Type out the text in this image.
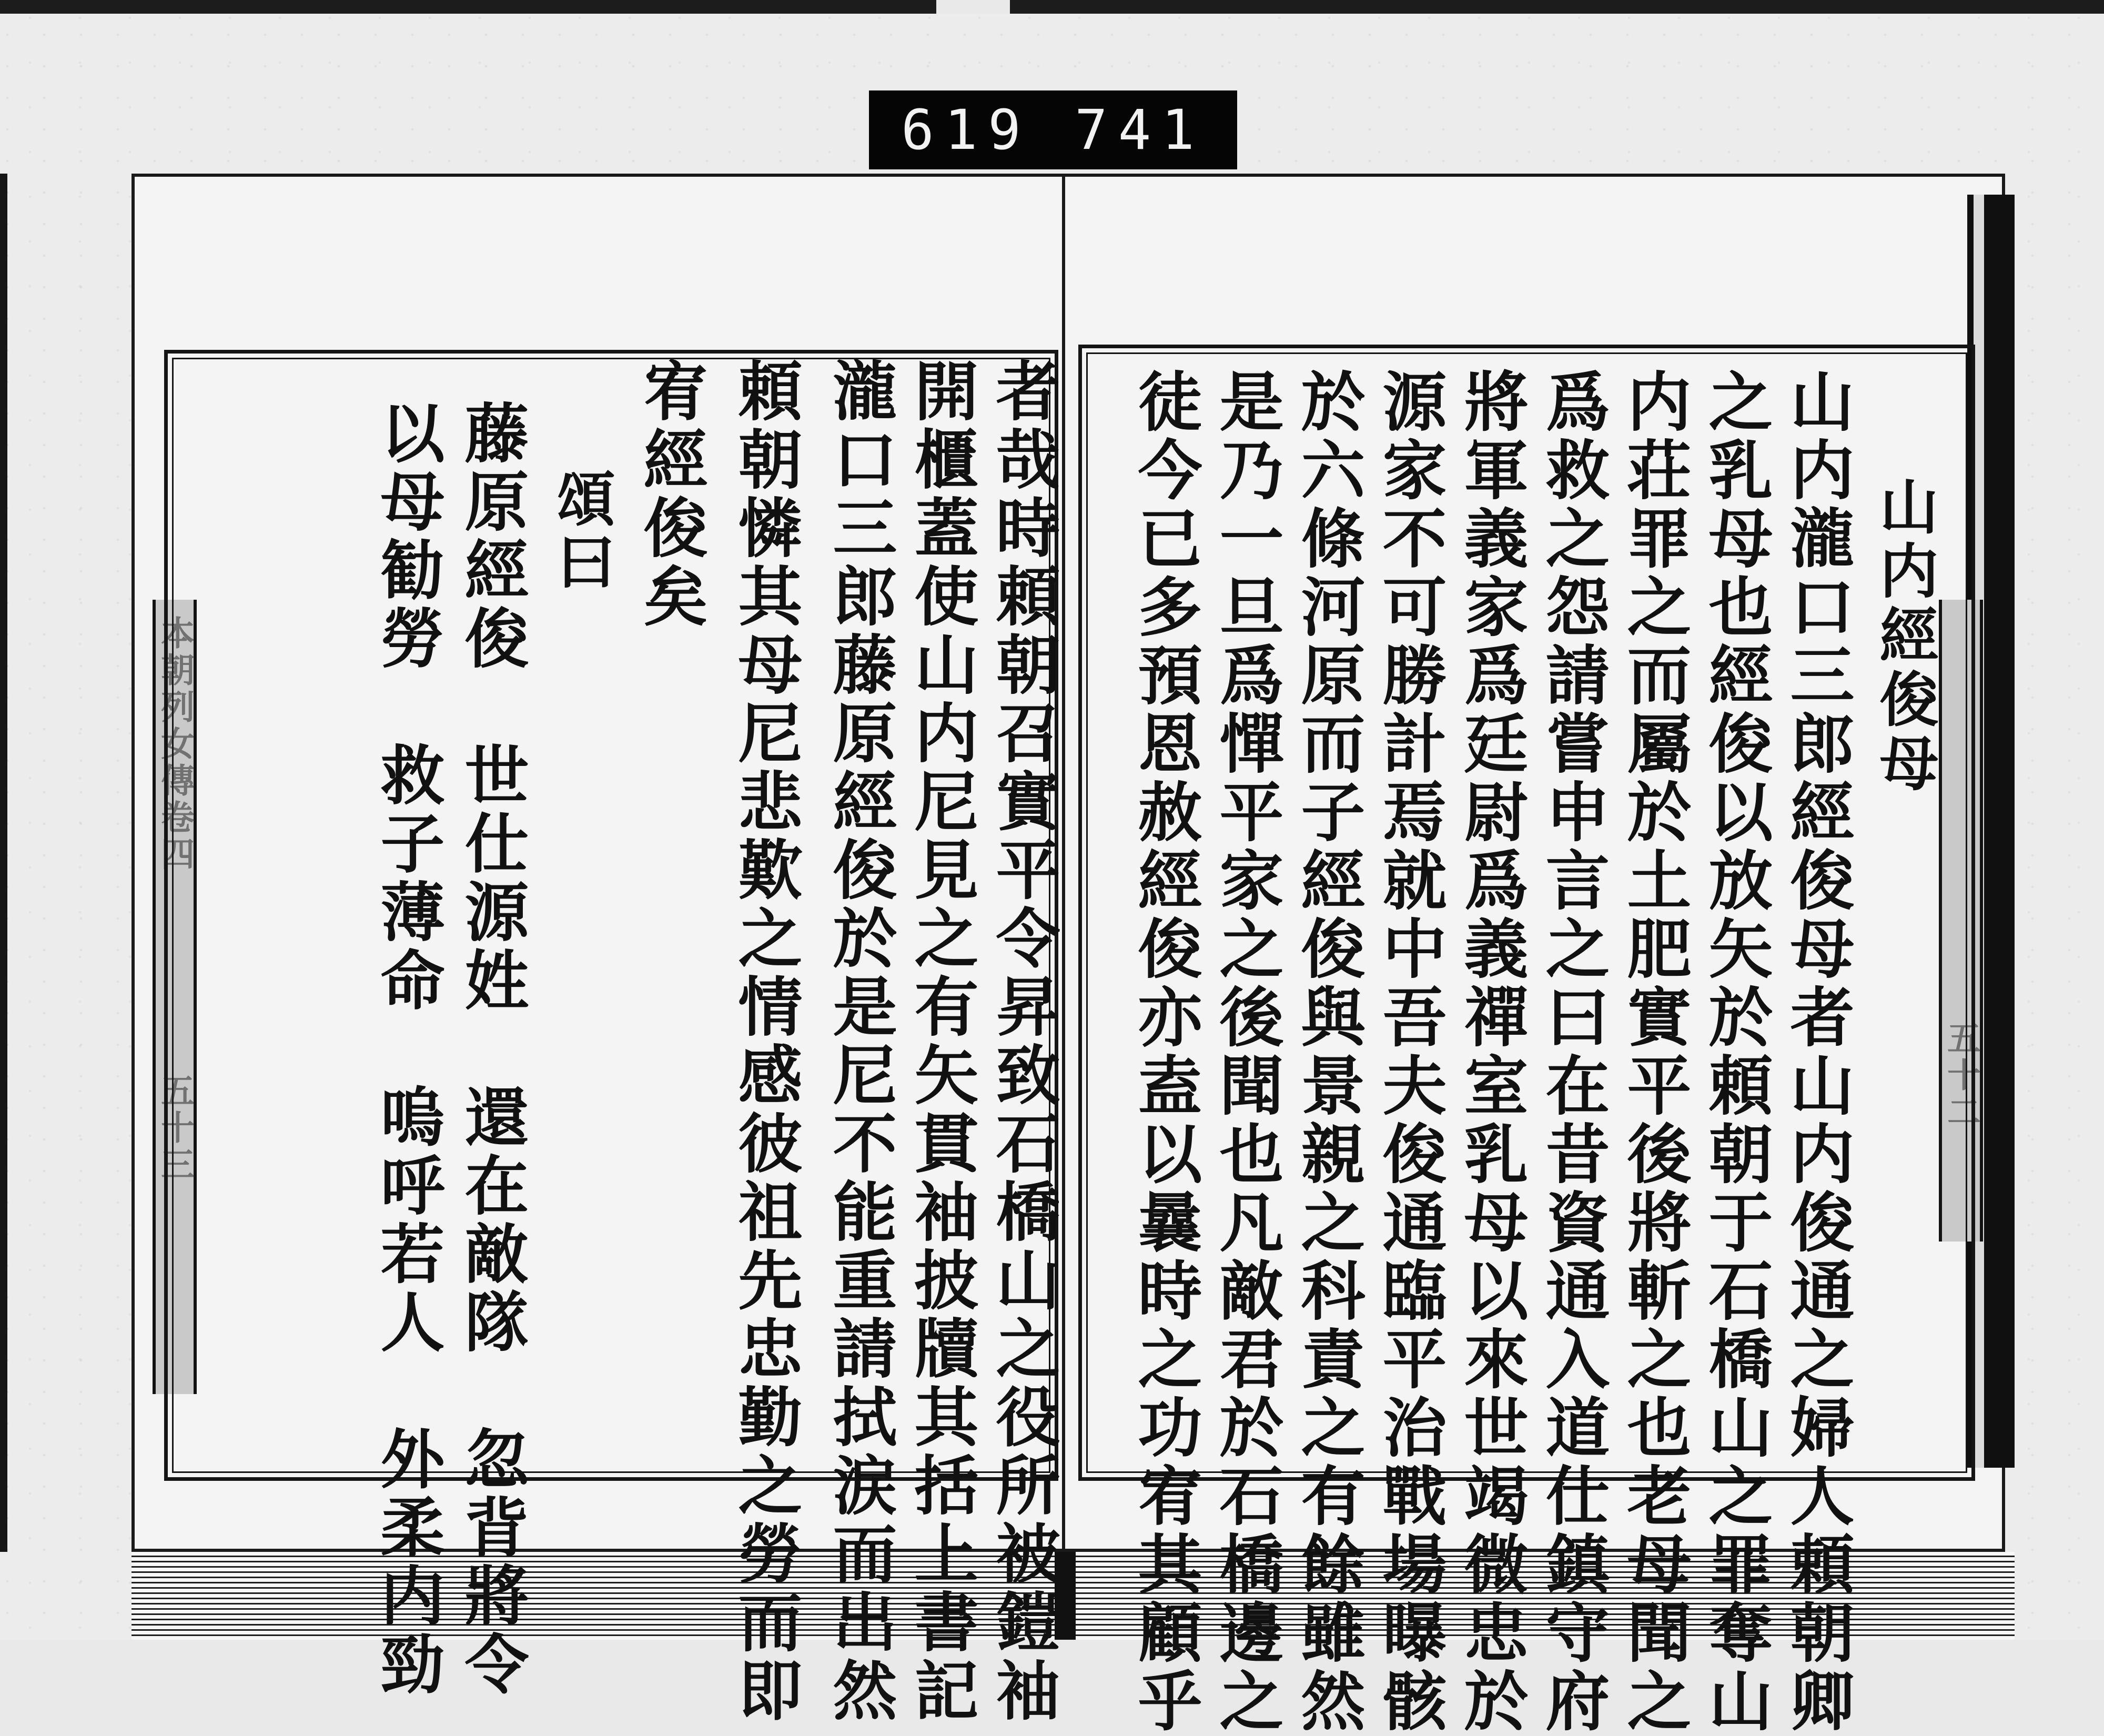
619 741
本朝列女傳卷四
五十三	五十二
山内經俊母
山内瀧口三郎經俊母者山内俊通之婦人頼朝卿
之乳母也經俊以放矢於頼朝于石橋山之罪奪山
内荘罪之而屬於土肥實平後將斬之也老母聞之
爲救之怨請嘗申言之曰在昔資通入道仕鎮守府
將軍義家爲廷尉爲義禪室乳母以來世竭微忠於
源家不可勝計焉就中吾夫俊通臨平治戰場曝骸
於六條河原而子經俊與景親之科責之有餘雖然
是乃一旦爲憚平家之後聞也凡敵君於石橋邊之
徒今已多預恩赦經俊亦盍以曩時之功宥其顧乎
者哉時頼朝召實平令昇致石橋山之役所被鎧袖
開櫃蓋使山内尼見之有矢貫袖披牘其括上書記
瀧口三郎藤原經俊於是尼不能重請拭涙而出然
頼朝憐其母尼悲歎之情感彼祖先忠勤之勞而即
宥經俊矣
頌曰
藤原經俊　世仕源姓　還在敵隊　忽背將令
以母勧勞　救子薄命　嗚呼若人　外柔内勁
